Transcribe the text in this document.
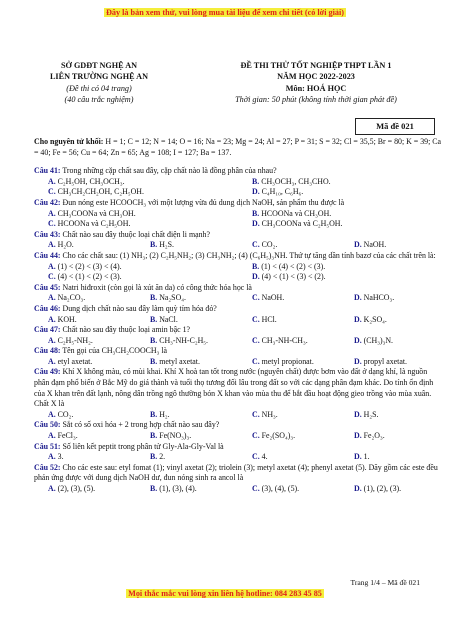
Đây là bản xem thử, vui lòng mua tài liệu để xem chi tiết (có lời giải)
SỞ GDĐT NGHỆ AN
LIÊN TRƯỜNG NGHỆ AN
(Đề thi có 04 trang)
(40 câu trắc nghiệm)
ĐỀ THI THỬ TỐT NGHIỆP THPT LẦN 1
NĂM HỌC 2022-2023
Môn: HOÁ HỌC
Thời gian: 50 phút (không tính thời gian phát đề)
Mã đề 021
Cho nguyên tử khối: H = 1; C = 12; N = 14; O = 16; Na = 23; Mg = 24; Al = 27; P = 31; S = 32; Cl = 35,5; Br = 80; K = 39; Ca = 40; Fe = 56; Cu = 64; Zn = 65; Ag = 108; I = 127; Ba = 137.
Câu 41: Trong những cặp chất sau đây, cặp chất nào là đồng phân của nhau?
A. C₂H₅OH, CH₃OCH₃.	B. CH₃OCH₃, CH₃CHO.
C. CH₃CH₂CH₂OH, C₂H₅OH.	D. C₄H₁₀, C₆H₆.
Câu 42: Đun nóng este HCOOCH₃ với một lượng vừa đủ dung dịch NaOH, sản phẩm thu được là
A. CH₃COONa và CH₃OH.	B. HCOONa và CH₃OH.
C. HCOONa và C₂H₅OH.	D. CH₃COONa và C₂H₅OH.
Câu 43: Chất nào sau đây thuộc loại chất điện li mạnh?
A. H₂O.	B. H₂S.	C. CO₂.	D. NaOH.
Câu 44: Cho các chất sau: (1) NH₃; (2) C₂H₅NH₂; (3) CH₃NH₂; (4) (C₆H₅)₃NH. Thứ tự tăng dần tính bazơ của các chất trên là:
A. (1) < (2) < (3) < (4).	B. (1) < (4) < (2) < (3).
C. (4) < (1) < (2) < (3).	D. (4) < (1) < (3) < (2).
Câu 45: Natri hiđroxit (còn gọi là xút ăn da) có công thức hóa học là
A. Na₂CO₃.	B. Na₂SO₄.	C. NaOH.	D. NaHCO₃.
Câu 46: Dung dịch chất nào sau đây làm quỳ tím hóa đỏ?
A. KOH.	B. NaCl.	C. HCl.	D. K₂SO₄.
Câu 47: Chất nào sau đây thuộc loại amin bậc 1?
A. C₂H₅-NH₂.	B. CH₃-NH-C₂H₅.	C. CH₃-NH-CH₃.	D. (CH₃)₃N.
Câu 48: Tên gọi của CH₃CH₂COOCH₃ là
A. etyl axetat.	B. metyl axetat.	C. metyl propionat.	D. propyl axetat.
Câu 49: Khí X không màu, có mùi khai. Khí X hoà tan tốt trong nước (nguyên chất) được bơm vào đất ở dạng khí, là nguồn phân đạm phổ biến ở Bắc Mỹ do giá thành và tuổi thọ tương đối lâu trong đất so với các dạng phân đạm khác. Do tính ổn định của X khan trên đất lạnh, nông dân trồng ngô thường bón X khan vào mùa thu để bắt đầu hoạt động gieo trồng vào mùa xuân. Chất X là
A. CO₂.	B. H₂.	C. NH₃.	D. H₂S.
Câu 50: Sắt có số oxi hóa + 2 trong hợp chất nào sau đây?
A. FeCl₃.	B. Fe(NO₃)₃.	C. Fe₂(SO₄)₃.	D. Fe₂O₃.
Câu 51: Số liên kết peptit trong phân tử Gly-Ala-Gly-Val là
A. 3.	B. 2.	C. 4.	D. 1.
Câu 52: Cho các este sau: etyl fomat (1); vinyl axetat (2); triolein (3); metyl axetat (4); phenyl axetat (5). Dãy gồm các este đều phản ứng được với dung dịch NaOH dư, đun nóng sinh ra ancol là
A. (2), (3), (5).	B. (1), (3), (4).	C. (3), (4), (5).	D. (1), (2), (3).
Trang 1/4 – Mã đề 021
Mọi thắc mắc vui lòng xin liên hệ hotline: 084 283 45 85
